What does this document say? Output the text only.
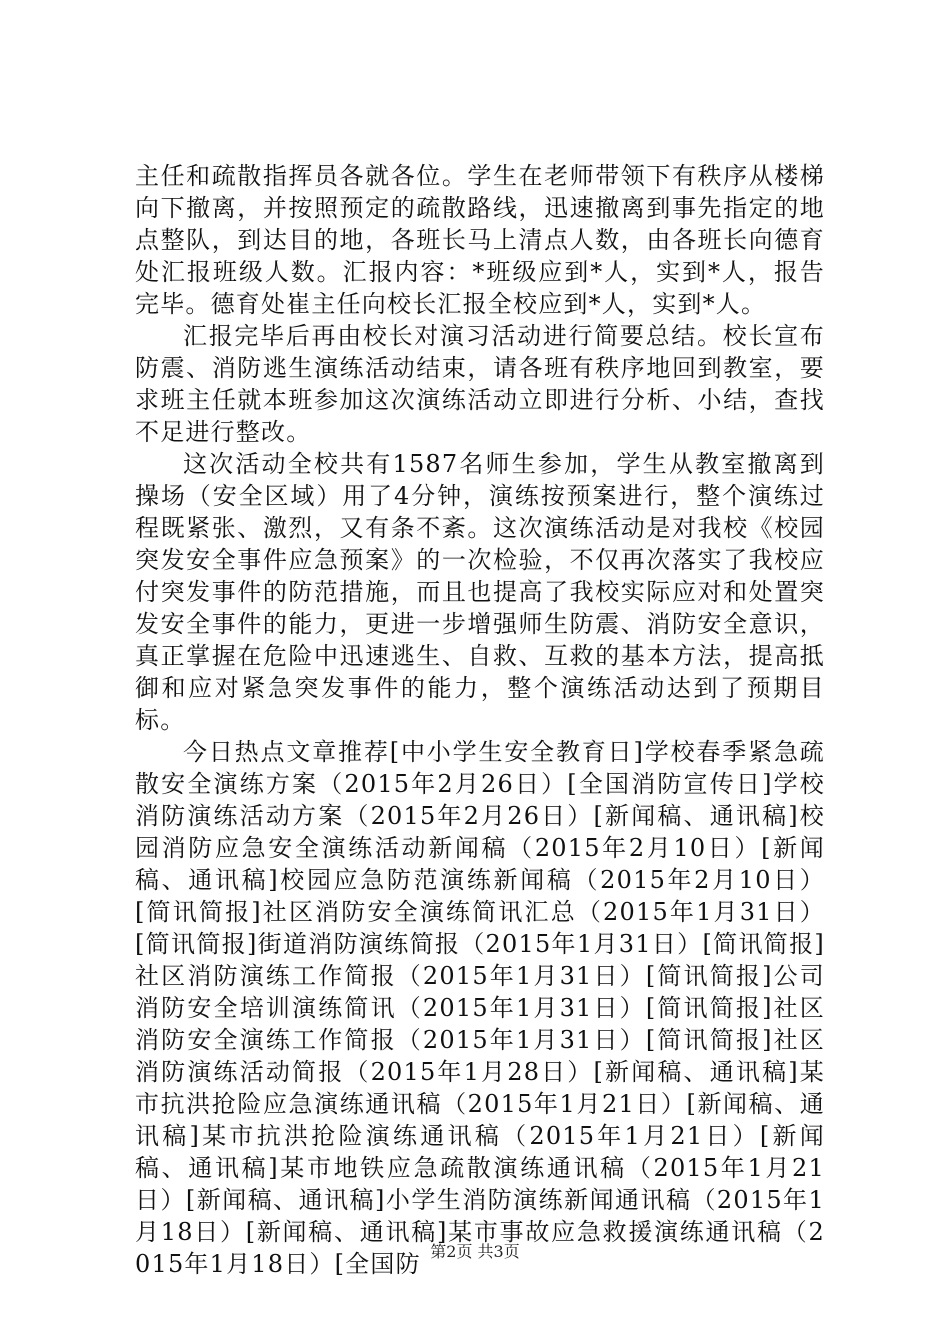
主任和疏散指挥员各就各位。学生在老师带领下有秩序从楼梯向下撤离，并按照预定的疏散路线，迅速撤离到事先指定的地点整队，到达目的地，各班长马上清点人数，由各班长向德育处汇报班级人数。汇报内容：*班级应到*人，实到*人，报告完毕。德育处崔主任向校长汇报全校应到*人，实到*人。

汇报完毕后再由校长对演习活动进行简要总结。校长宣布防震、消防逃生演练活动结束，请各班有秩序地回到教室，要求班主任就本班参加这次演练活动立即进行分析、小结，查找不足进行整改。

这次活动全校共有1587名师生参加，学生从教室撤离到操场（安全区域）用了4分钟，演练按预案进行，整个演练过程既紧张、激烈，又有条不紊。这次演练活动是对我校《校园突发安全事件应急预案》的一次检验，不仅再次落实了我校应付突发事件的防范措施，而且也提高了我校实际应对和处置突发安全事件的能力，更进一步增强师生防震、消防安全意识，真正掌握在危险中迅速逃生、自救、互救的基本方法，提高抵御和应对紧急突发事件的能力，整个演练活动达到了预期目标。

今日热点文章推荐[中小学生安全教育日]学校春季紧急疏散安全演练方案（2015年2月26日）[全国消防宣传日]学校消防演练活动方案（2015年2月26日）[新闻稿、通讯稿]校园消防应急安全演练活动新闻稿（2015年2月10日）[新闻稿、通讯稿]校园应急防范演练新闻稿（2015年2月10日）[简讯简报]社区消防安全演练简讯汇总（2015年1月31日）[简讯简报]街道消防演练简报（2015年1月31日）[简讯简报]社区消防演练工作简报（2015年1月31日）[简讯简报]公司消防安全培训演练简讯（2015年1月31日）[简讯简报]社区消防安全演练工作简报（2015年1月31日）[简讯简报]社区消防演练活动简报（2015年1月28日）[新闻稿、通讯稿]某市抗洪抢险应急演练通讯稿（2015年1月21日）[新闻稿、通讯稿]某市抗洪抢险演练通讯稿（2015年1月21日）[新闻稿、通讯稿]某市地铁应急疏散演练通讯稿（2015年1月21日）[新闻稿、通讯稿]小学生消防演练新闻通讯稿（2015年1月18日）[新闻稿、通讯稿]某市事故应急救援演练通讯稿（2015年1月18日）[全国防 第2页 共3页
